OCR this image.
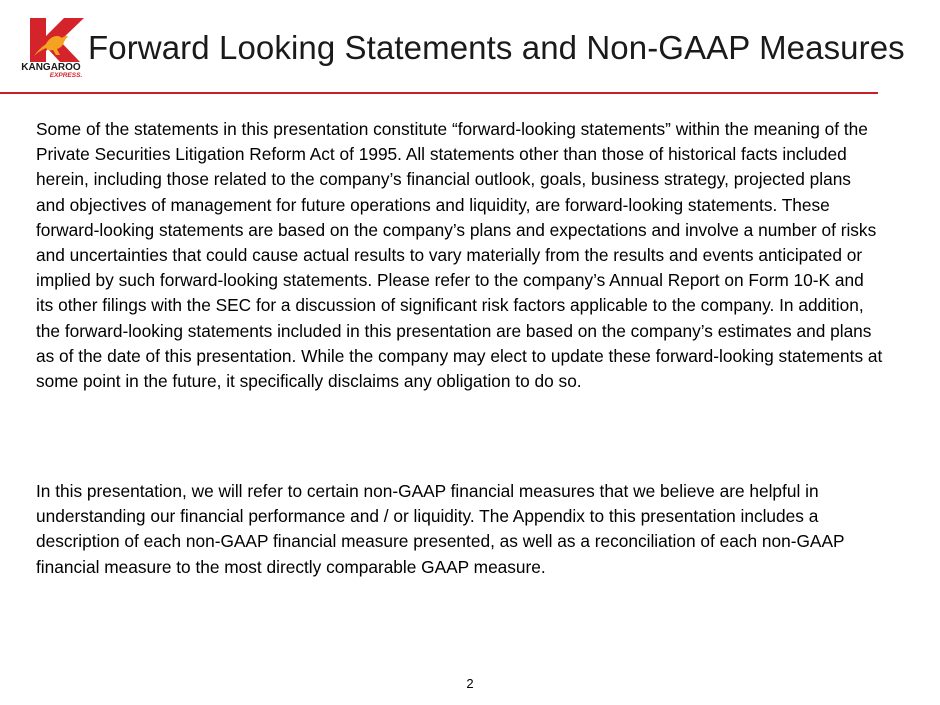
KANGAROO
EXPRESS.
Forward Looking Statements and Non-GAAP Measures

Some of the statements in this presentation constitute “forward-looking statements” within the meaning of the Private Securities Litigation Reform Act of 1995. All statements other than those of historical facts included herein, including those related to the company’s financial outlook, goals, business strategy, projected plans and objectives of management for future operations and liquidity, are forward-looking statements. These forward-looking statements are based on the company’s plans and expectations and involve a number of risks and uncertainties that could cause actual results to vary materially from the results and events anticipated or implied by such forward-looking statements. Please refer to the company’s Annual Report on Form 10-K and its other filings with the SEC for a discussion of significant risk factors applicable to the company. In addition, the forward-looking statements included in this presentation are based on the company’s estimates and plans as of the date of this presentation. While the company may elect to update these forward-looking statements at some point in the future, it specifically disclaims any obligation to do so.

In this presentation, we will refer to certain non-GAAP financial measures that we believe are helpful in understanding our financial performance and / or liquidity. The Appendix to this presentation includes a description of each non-GAAP financial measure presented, as well as a reconciliation of each non-GAAP financial measure to the most directly comparable GAAP measure.

2
